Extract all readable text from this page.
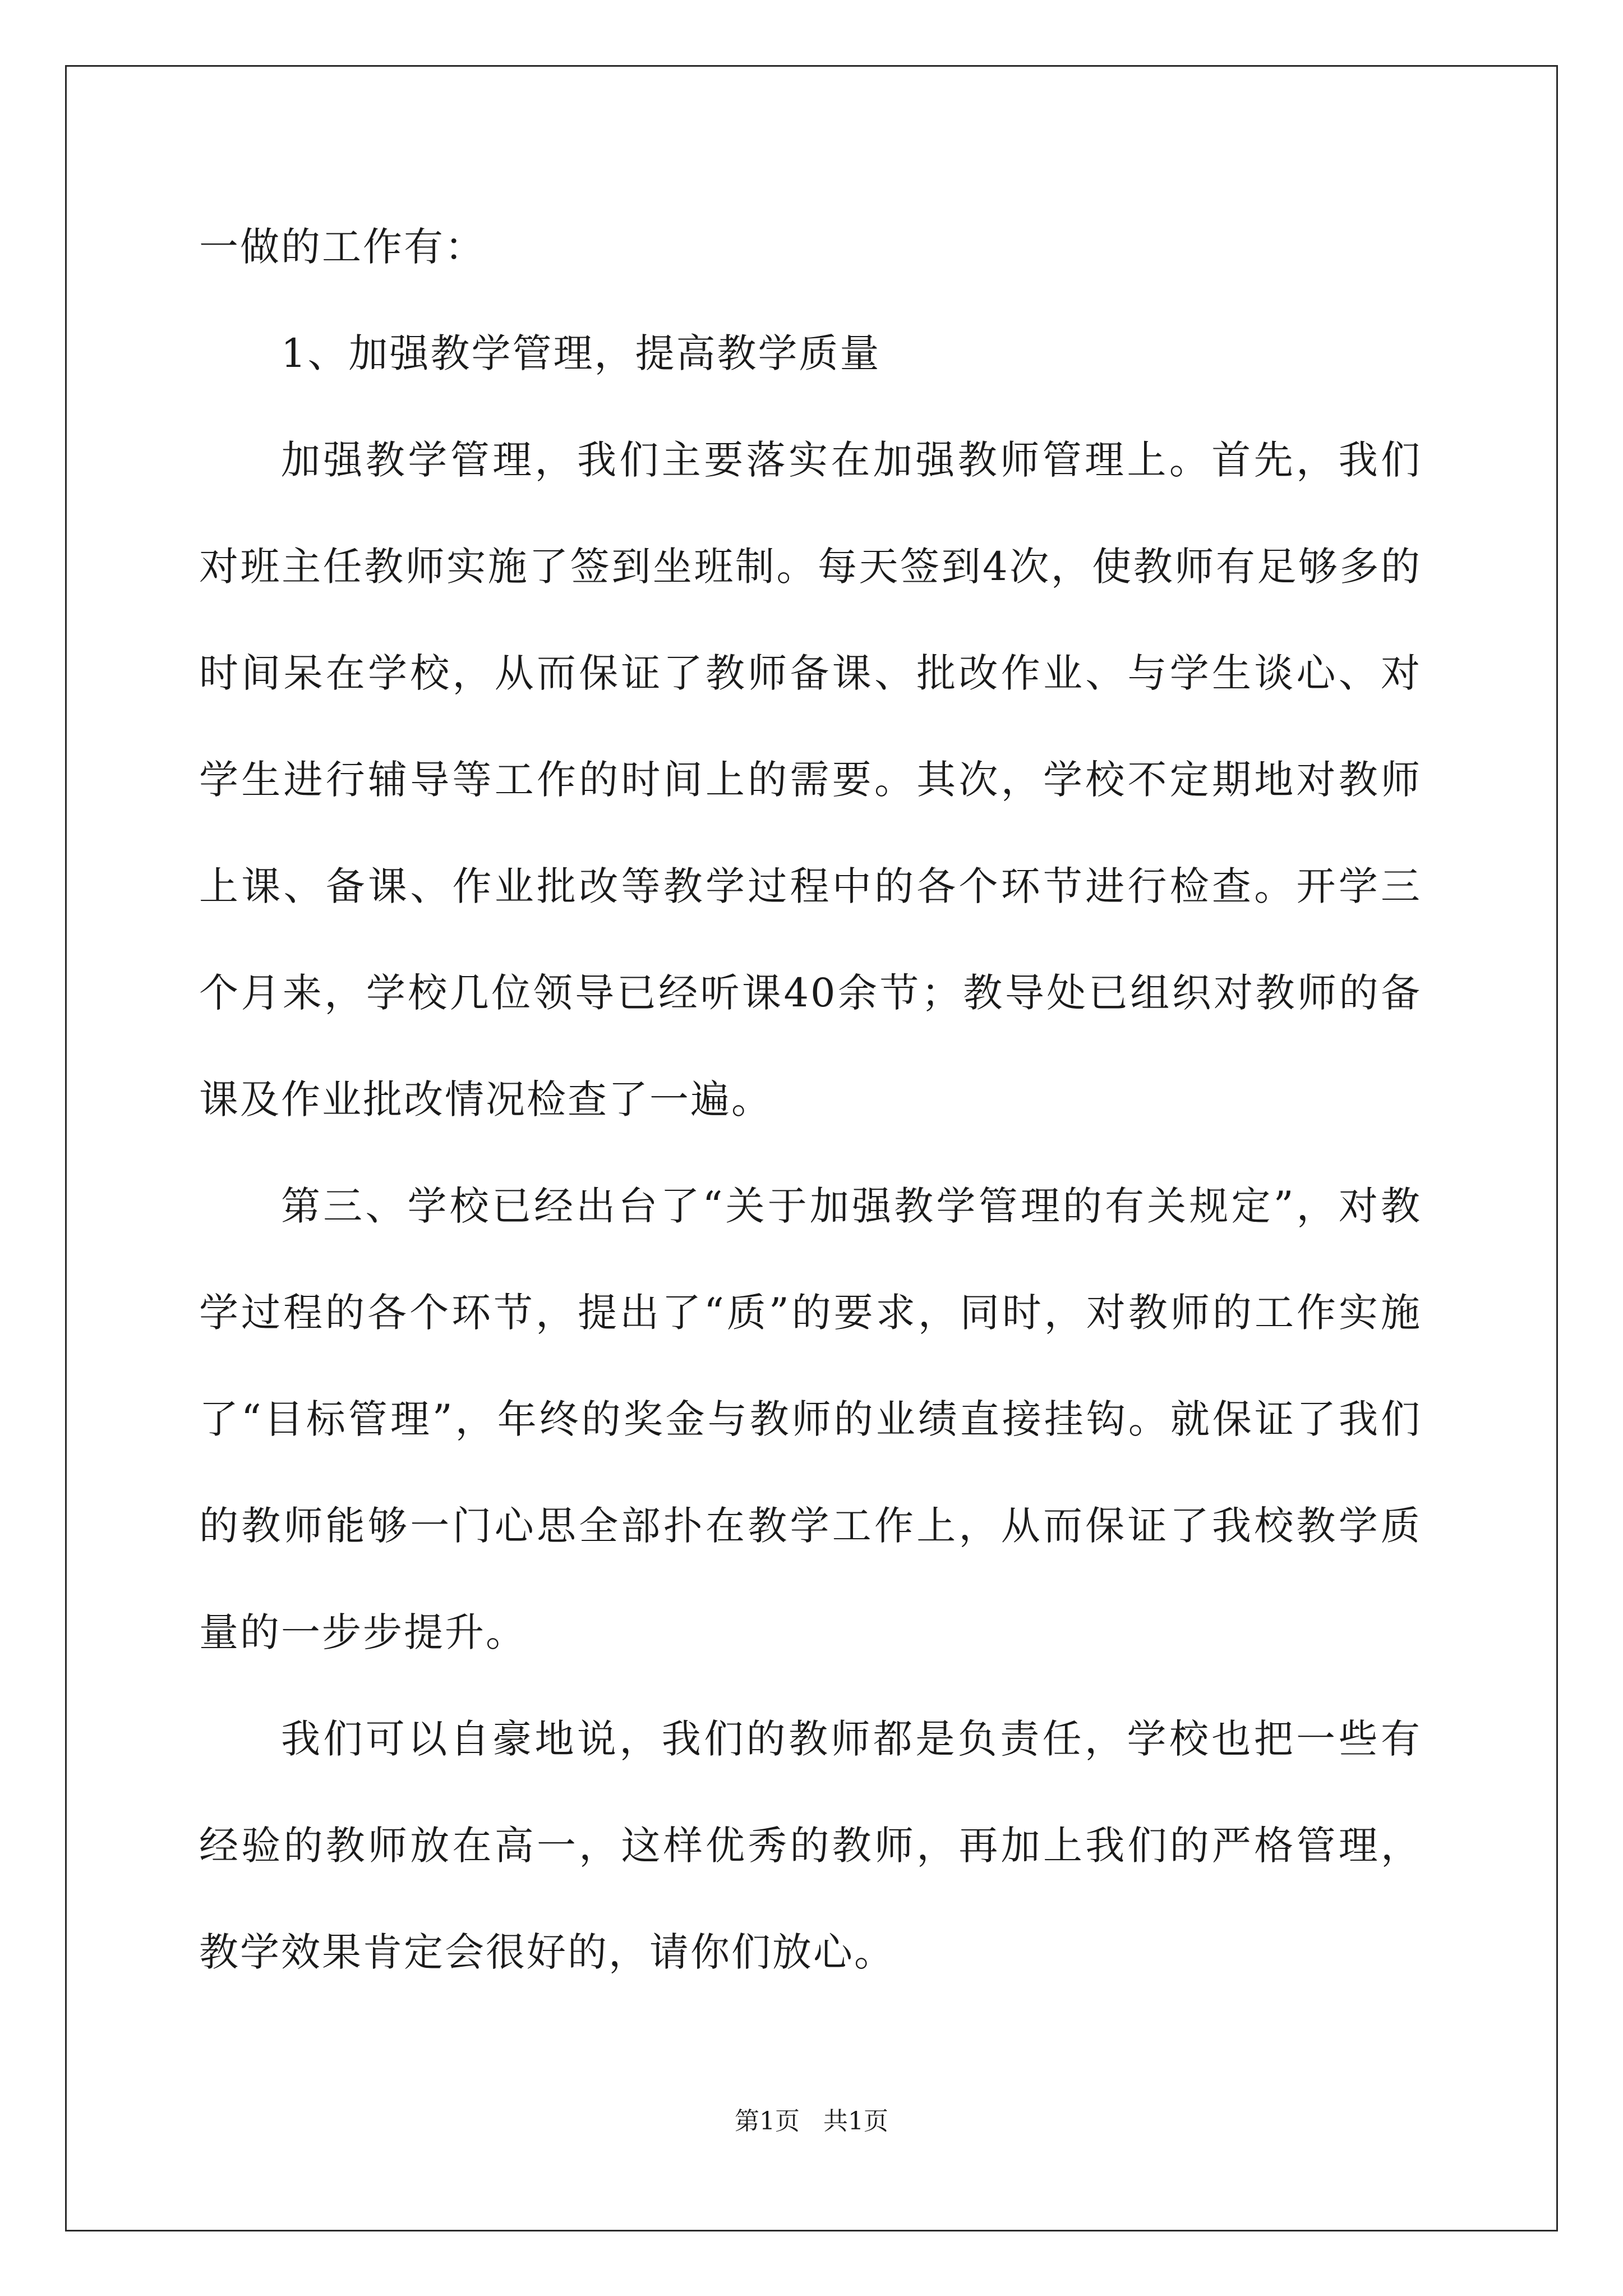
一做的工作有：

1、加强教学管理，提高教学质量

加强教学管理，我们主要落实在加强教师管理上。首先，我们对班主任教师实施了签到坐班制。每天签到4次，使教师有足够多的时间呆在学校，从而保证了教师备课、批改作业、与学生谈心、对学生进行辅导等工作的时间上的需要。其次，学校不定期地对教师上课、备课、作业批改等教学过程中的各个环节进行检查。开学三个月来，学校几位领导已经听课40余节；教导处已组织对教师的备课及作业批改情况检查了一遍。

第三、学校已经出台了“关于加强教学管理的有关规定”，对教学过程的各个环节，提出了“质”的要求，同时，对教师的工作实施了“目标管理”，年终的奖金与教师的业绩直接挂钩。就保证了我们的教师能够一门心思全部扑在教学工作上，从而保证了我校教学质量的一步步提升。

我们可以自豪地说，我们的教师都是负责任，学校也把一些有经验的教师放在高一，这样优秀的教师，再加上我们的严格管理，教学效果肯定会很好的，请你们放心。

第1页 共1页
